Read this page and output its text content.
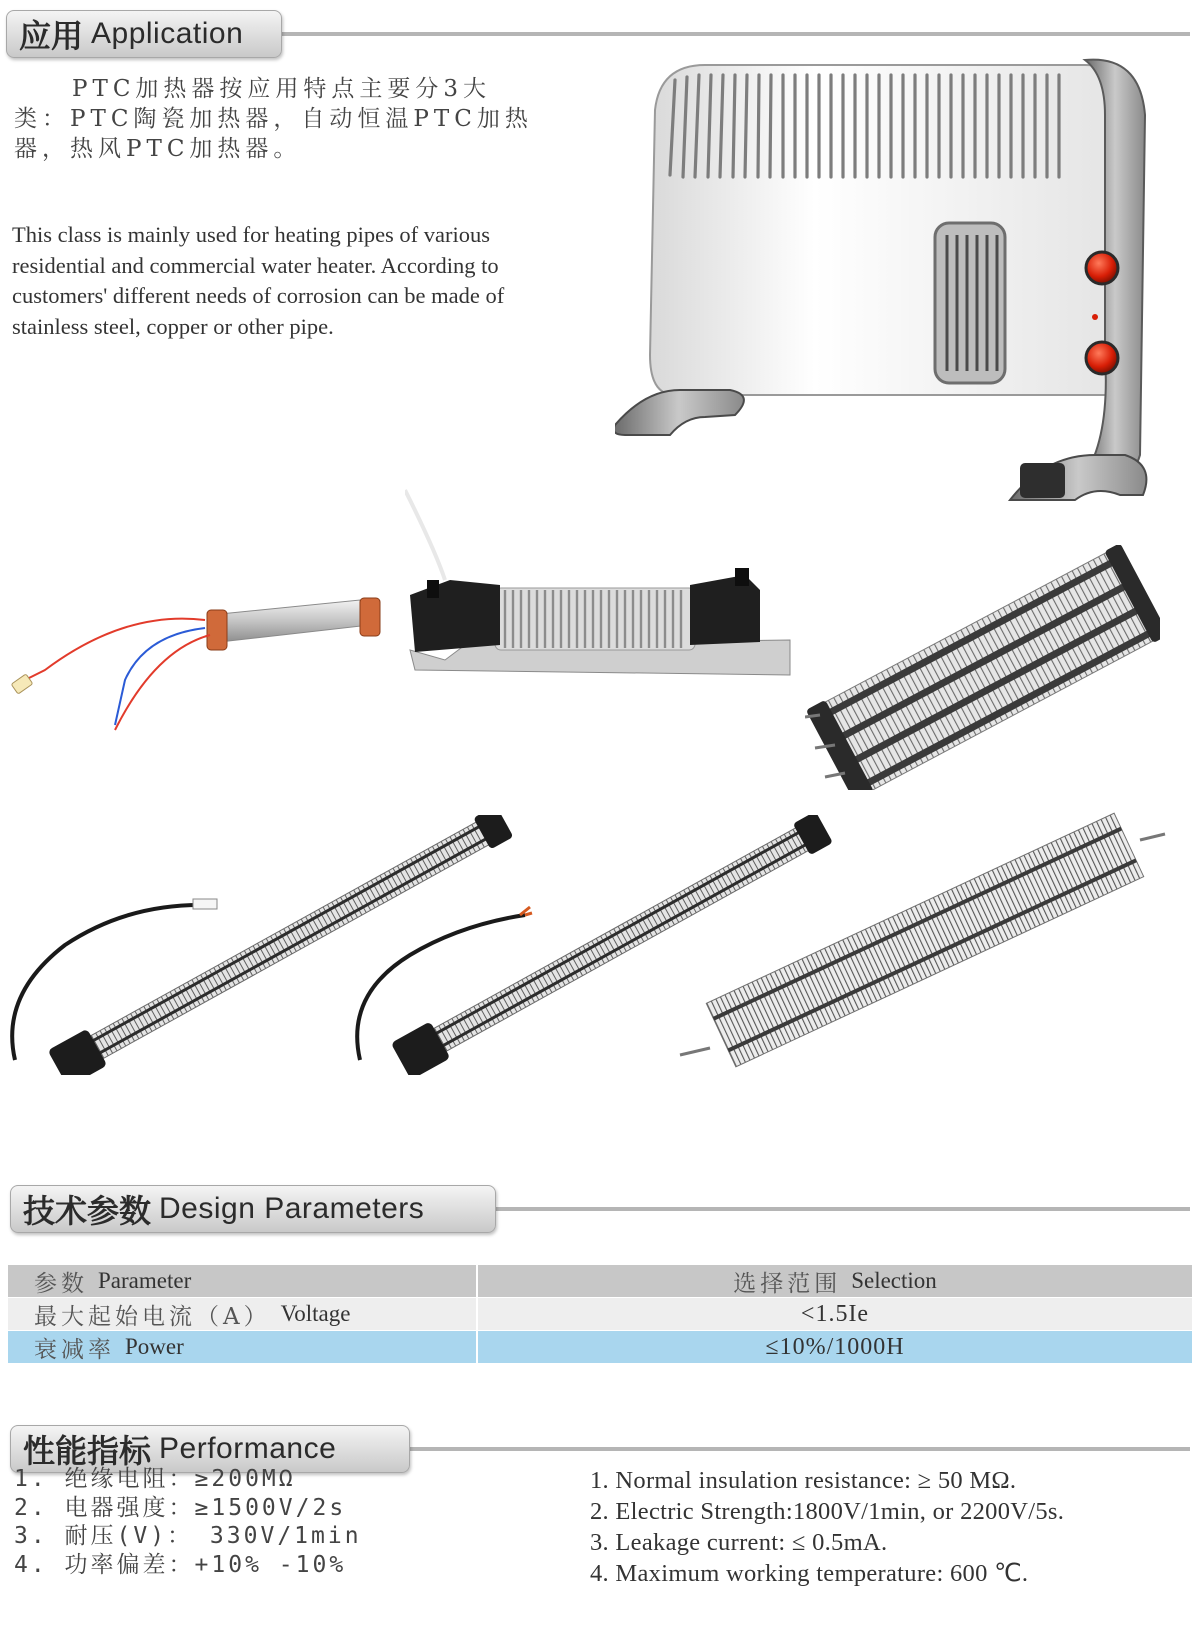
应用 Application

PTC加热器按应用特点主要分3大类：PTC陶瓷加热器，自动恒温PTC加热器，热风PTC加热器。

This class is mainly used for heating pipes of various residential and commercial water heater. According to customers' different needs of corrosion can be made of stainless steel, copper or other pipe.

技术参数 Design Parameters
参数 Parameter	选择范围 Selection
最大起始电流（A） Voltage	<1.5Ie
衰减率 Power	≤10%/1000H
性能指标 Performance
1. 绝缘电阻：≥200MΩ
2. 电器强度：≥1500V/2s
3. 耐压(V)： 330V/1min
4. 功率偏差：+10% -10%
1. Normal insulation resistance: ≥ 50 MΩ.
2. Electric Strength:1800V/1min, or 2200V/5s.
3. Leakage current: ≤ 0.5mA.
4. Maximum working temperature: 600 ℃.
